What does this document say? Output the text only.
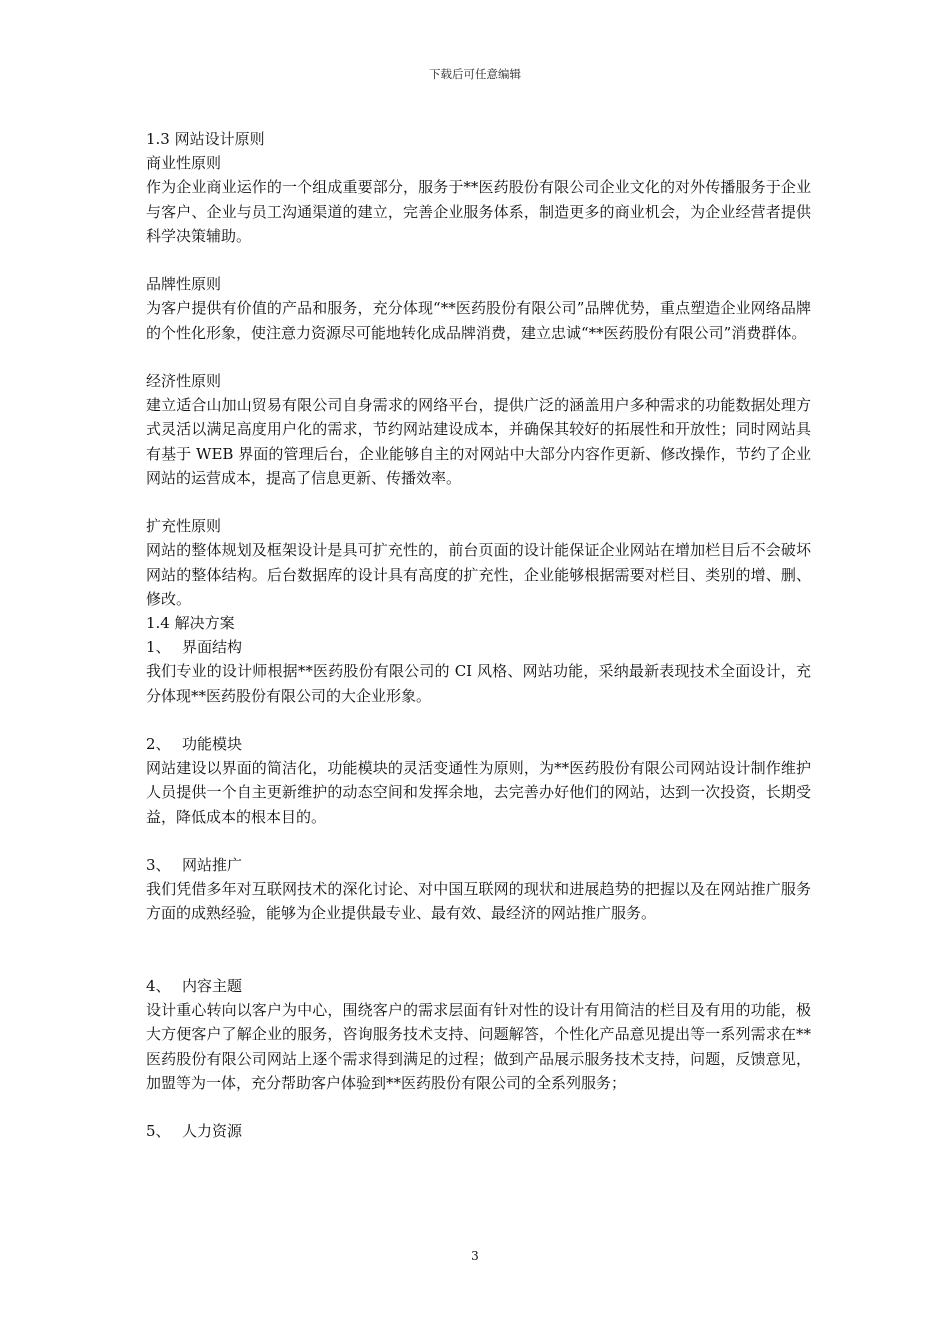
下载后可任意编辑

1.3 网站设计原则

商业性原则

作为企业商业运作的一个组成重要部分，服务于**医药股份有限公司企业文化的对外传播服务于企业与客户、企业与员工沟通渠道的建立，完善企业服务体系，制造更多的商业机会，为企业经营者提供科学决策辅助。

品牌性原则

为客户提供有价值的产品和服务，充分体现“**医药股份有限公司”品牌优势，重点塑造企业网络品牌的个性化形象，使注意力资源尽可能地转化成品牌消费，建立忠诚“**医药股份有限公司”消费群体。

经济性原则

建立适合山加山贸易有限公司自身需求的网络平台，提供广泛的涵盖用户多种需求的功能数据处理方式灵活以满足高度用户化的需求，节约网站建设成本，并确保其较好的拓展性和开放性；同时网站具有基于 WEB 界面的管理后台，企业能够自主的对网站中大部分内容作更新、修改操作，节约了企业网站的运营成本，提高了信息更新、传播效率。

扩充性原则

网站的整体规划及框架设计是具可扩充性的，前台页面的设计能保证企业网站在增加栏目后不会破坏网站的整体结构。后台数据库的设计具有高度的扩充性，企业能够根据需要对栏目、类别的增、删、修改。

1.4 解决方案

1、 界面结构

我们专业的设计师根据**医药股份有限公司的 CI 风格、网站功能，采纳最新表现技术全面设计，充分体现**医药股份有限公司的大企业形象。

2、 功能模块

网站建设以界面的简洁化，功能模块的灵活变通性为原则，为**医药股份有限公司网站设计制作维护人员提供一个自主更新维护的动态空间和发挥余地，去完善办好他们的网站，达到一次投资，长期受益，降低成本的根本目的。

3、 网站推广

我们凭借多年对互联网技术的深化讨论、对中国互联网的现状和进展趋势的把握以及在网站推广服务方面的成熟经验，能够为企业提供最专业、最有效、最经济的网站推广服务。

4、 内容主题

设计重心转向以客户为中心，围绕客户的需求层面有针对性的设计有用简洁的栏目及有用的功能，极大方便客户了解企业的服务，咨询服务技术支持、问题解答，个性化产品意见提出等一系列需求在**医药股份有限公司网站上逐个需求得到满足的过程；做到产品展示服务技术支持，问题，反馈意见，加盟等为一体，充分帮助客户体验到**医药股份有限公司的全系列服务；

5、 人力资源

3
